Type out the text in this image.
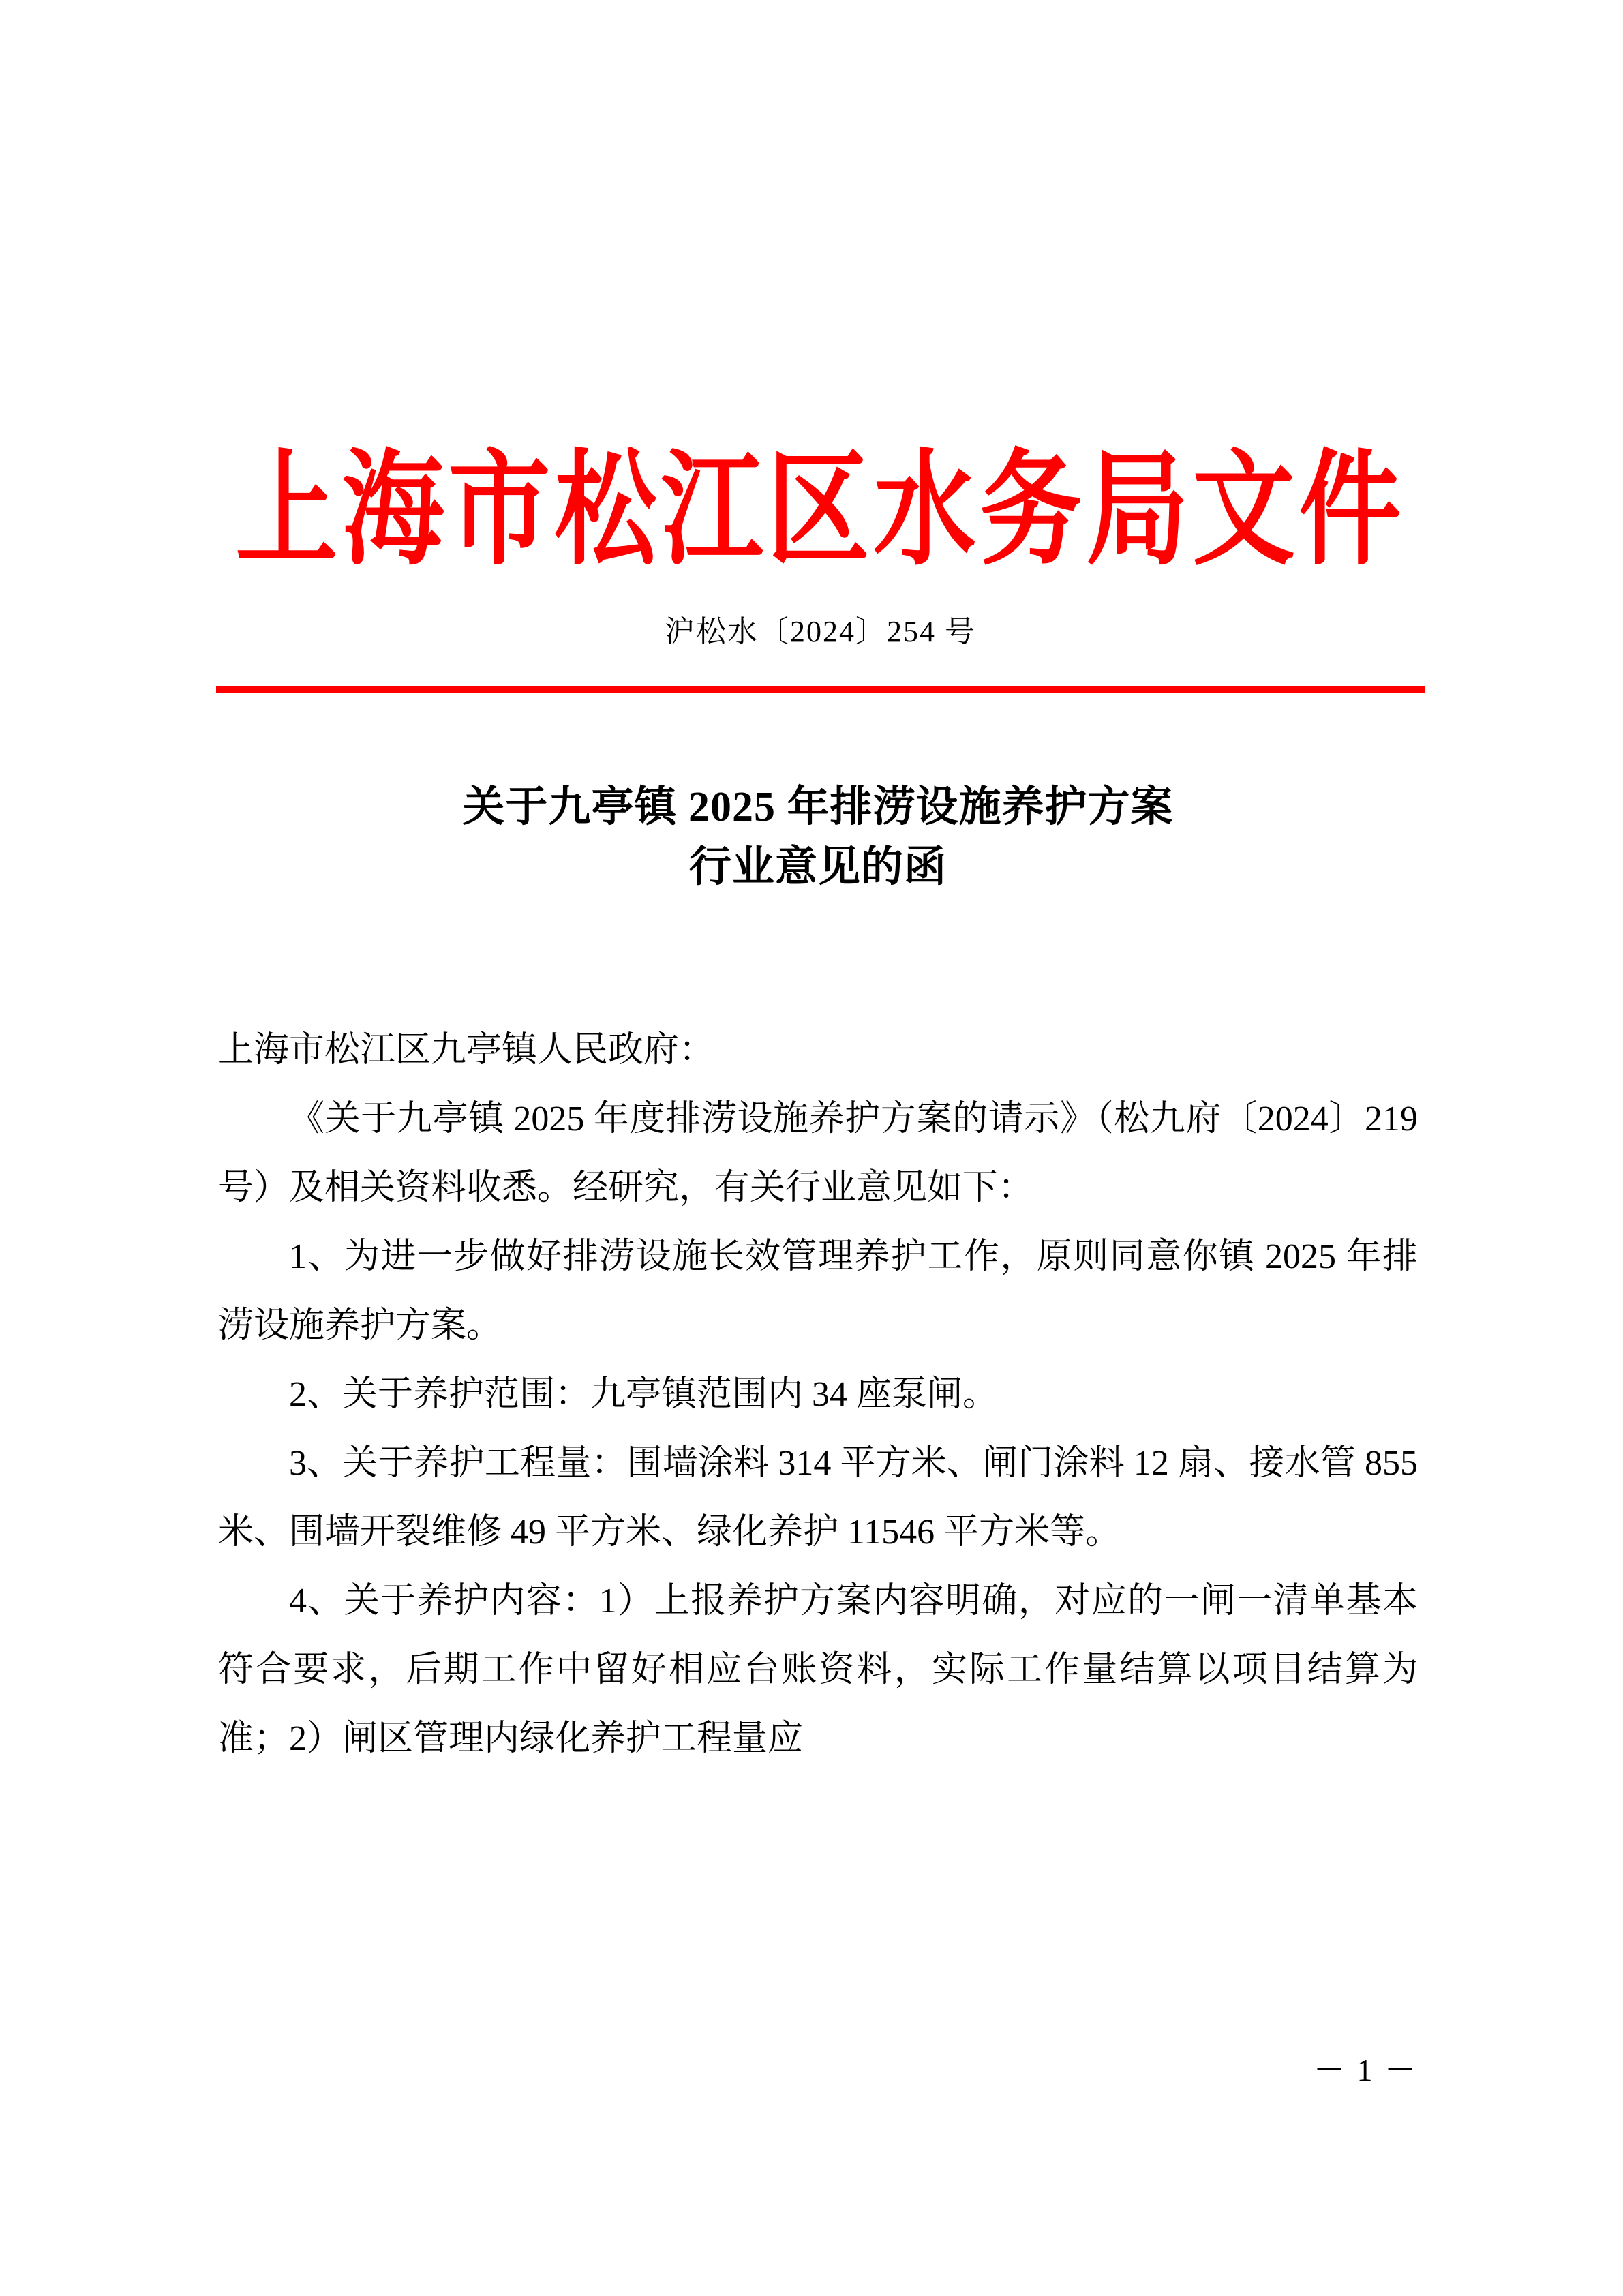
上海市松江区水务局文件
沪松水〔2024〕254 号
关于九亭镇 2025 年排涝设施养护方案
行业意见的函

上海市松江区九亭镇人民政府：

《关于九亭镇 2025 年度排涝设施养护方案的请示》（松九府〔2024〕219 号）及相关资料收悉。经研究，有关行业意见如下：

1、为进一步做好排涝设施长效管理养护工作，原则同意你镇 2025 年排涝设施养护方案。

2、关于养护范围：九亭镇范围内 34 座泵闸。

3、关于养护工程量：围墙涂料 314 平方米、闸门涂料 12 扇、接水管 855 米、围墙开裂维修 49 平方米、绿化养护 11546 平方米等。

4、关于养护内容：1）上报养护方案内容明确，对应的一闸一清单基本符合要求，后期工作中留好相应台账资料，实际工作量结算以项目结算为准；2）闸区管理内绿化养护工程量应

－ 1 －
